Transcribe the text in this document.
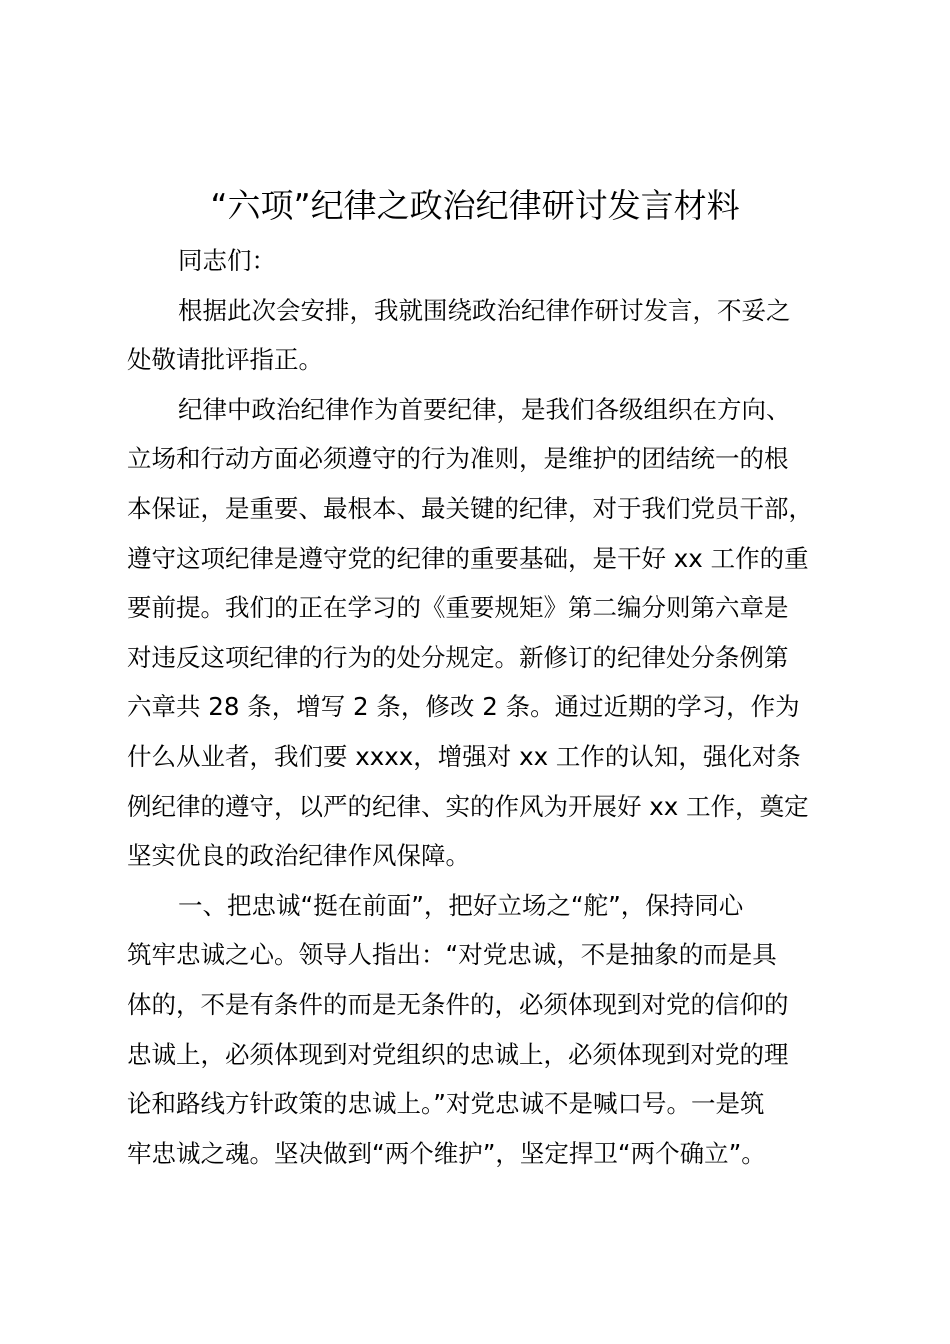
“六项”纪律之政治纪律研讨发言材料

同志们：

根据此次会安排，我就围绕政治纪律作研讨发言，不妥之
处敬请批评指正。

纪律中政治纪律作为首要纪律，是我们各级组织在方向、
立场和行动方面必须遵守的行为准则，是维护的团结统一的根
本保证，是重要、最根本、最关键的纪律，对于我们党员干部，
遵守这项纪律是遵守党的纪律的重要基础，是干好 xx 工作的重
要前提。我们的正在学习的《重要规矩》第二编分则第六章是
对违反这项纪律的行为的处分规定。新修订的纪律处分条例第
六章共 28 条，增写 2 条，修改 2 条。通过近期的学习，作为
什么从业者，我们要 xxxx，增强对 xx 工作的认知，强化对条
例纪律的遵守，以严的纪律、实的作风为开展好 xx 工作，奠定
坚实优良的政治纪律作风保障。

一、把忠诚“挺在前面”，把好立场之“舵”，保持同心
筑牢忠诚之心。领导人指出：“对党忠诚，不是抽象的而是具
体的，不是有条件的而是无条件的，必须体现到对党的信仰的
忠诚上，必须体现到对党组织的忠诚上，必须体现到对党的理
论和路线方针政策的忠诚上。”对党忠诚不是喊口号。一是筑
牢忠诚之魂。坚决做到“两个维护”，坚定捍卫“两个确立”。
